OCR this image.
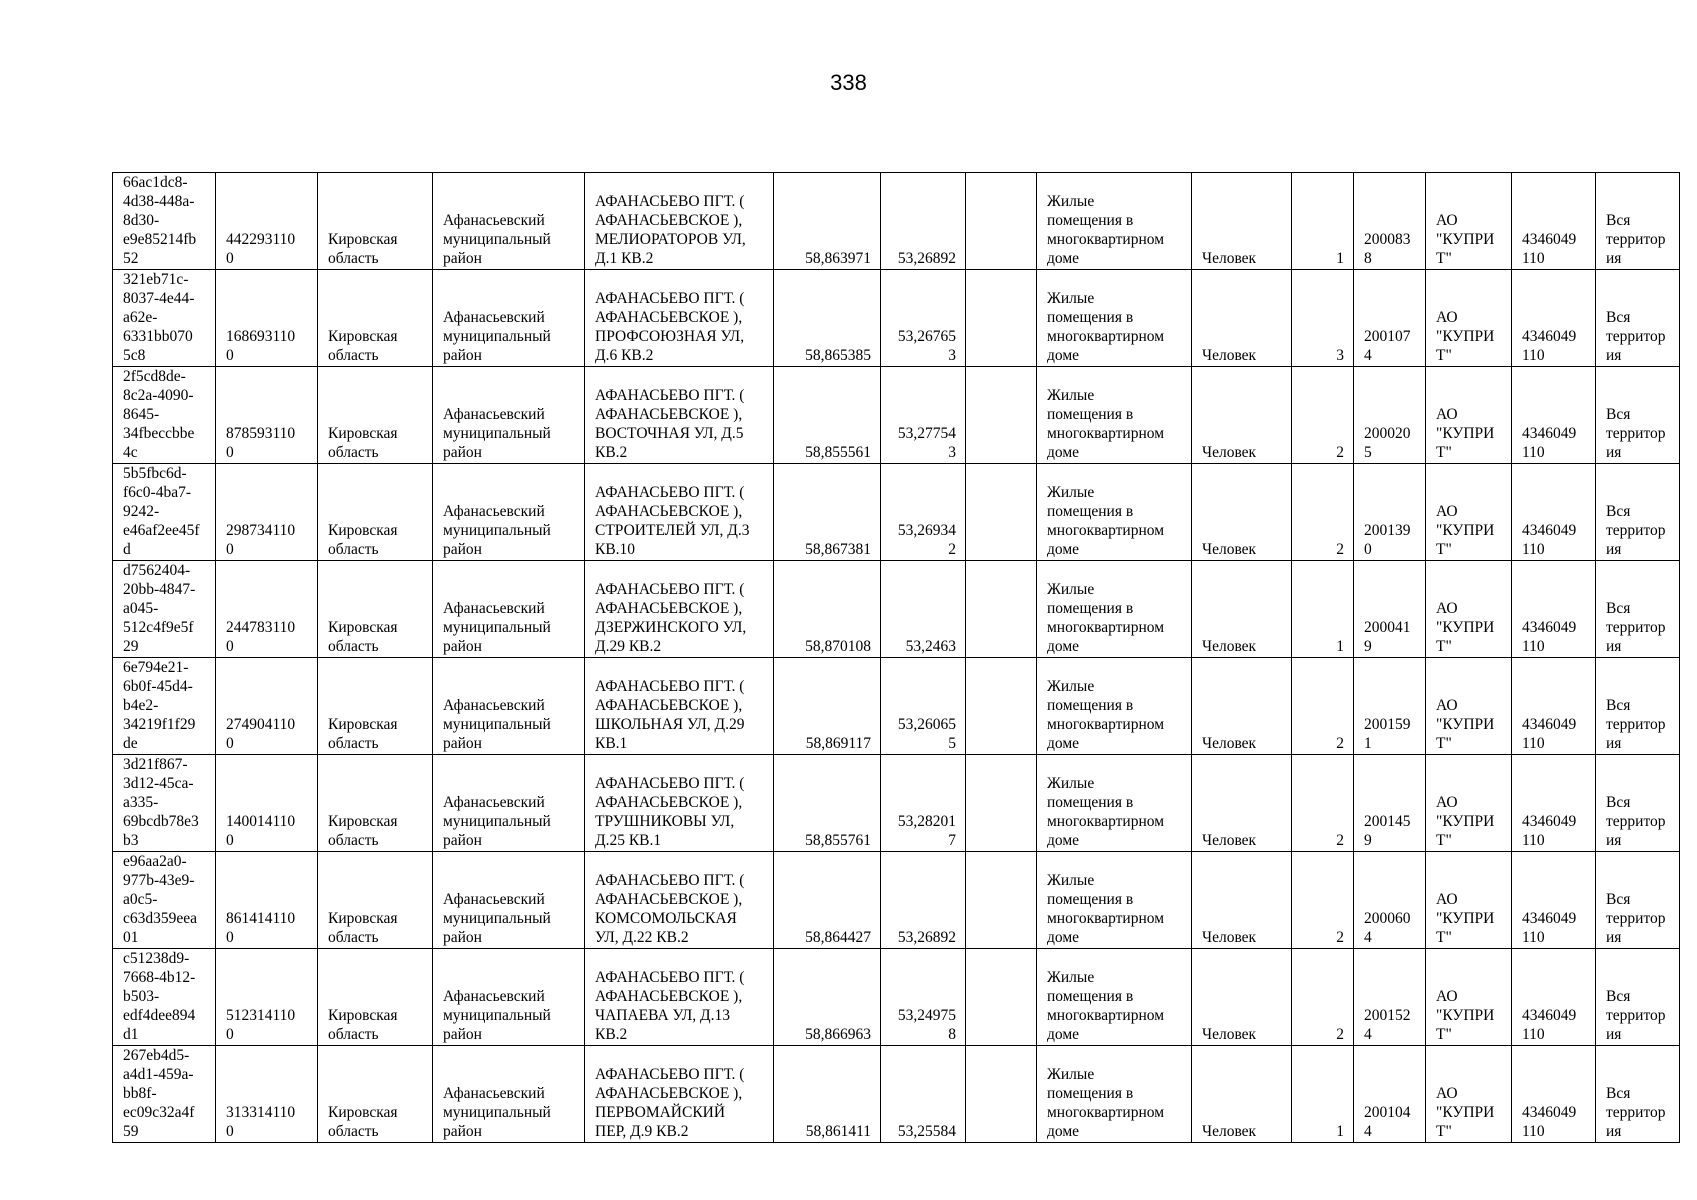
338
66ac1dc8-
4d38-448a-
8d30-
e9e85214fb
52	442293110
0	Кировская
область	Афанасьевский
муниципальный
район	АФАНАСЬЕВО ПГТ. (
АФАНАСЬЕВСКОЕ ),
МЕЛИОРАТОРОВ УЛ,
Д.1 КВ.2	58,863971	53,26892		Жилые
помещения в
многоквартирном
доме	Человек	1	200083
8	АО
"КУПРИ
Т"	4346049
110	Вся
территор
ия
321eb71c-
8037-4e44-
a62e-
6331bb070
5c8	168693110
0	Кировская
область	Афанасьевский
муниципальный
район	АФАНАСЬЕВО ПГТ. (
АФАНАСЬЕВСКОЕ ),
ПРОФСОЮЗНАЯ УЛ,
Д.6 КВ.2	58,865385	53,26765
3		Жилые
помещения в
многоквартирном
доме	Человек	3	200107
4	АО
"КУПРИ
Т"	4346049
110	Вся
территор
ия
2f5cd8de-
8c2a-4090-
8645-
34fbeccbbe
4c	878593110
0	Кировская
область	Афанасьевский
муниципальный
район	АФАНАСЬЕВО ПГТ. (
АФАНАСЬЕВСКОЕ ),
ВОСТОЧНАЯ УЛ, Д.5
КВ.2	58,855561	53,27754
3		Жилые
помещения в
многоквартирном
доме	Человек	2	200020
5	АО
"КУПРИ
Т"	4346049
110	Вся
территор
ия
5b5fbc6d-
f6c0-4ba7-
9242-
e46af2ee45f
d	298734110
0	Кировская
область	Афанасьевский
муниципальный
район	АФАНАСЬЕВО ПГТ. (
АФАНАСЬЕВСКОЕ ),
СТРОИТЕЛЕЙ УЛ, Д.3
КВ.10	58,867381	53,26934
2		Жилые
помещения в
многоквартирном
доме	Человек	2	200139
0	АО
"КУПРИ
Т"	4346049
110	Вся
территор
ия
d7562404-
20bb-4847-
a045-
512c4f9e5f
29	244783110
0	Кировская
область	Афанасьевский
муниципальный
район	АФАНАСЬЕВО ПГТ. (
АФАНАСЬЕВСКОЕ ),
ДЗЕРЖИНСКОГО УЛ,
Д.29 КВ.2	58,870108	53,2463		Жилые
помещения в
многоквартирном
доме	Человек	1	200041
9	АО
"КУПРИ
Т"	4346049
110	Вся
территор
ия
6e794e21-
6b0f-45d4-
b4e2-
34219f1f29
de	274904110
0	Кировская
область	Афанасьевский
муниципальный
район	АФАНАСЬЕВО ПГТ. (
АФАНАСЬЕВСКОЕ ),
ШКОЛЬНАЯ УЛ, Д.29
КВ.1	58,869117	53,26065
5		Жилые
помещения в
многоквартирном
доме	Человек	2	200159
1	АО
"КУПРИ
Т"	4346049
110	Вся
территор
ия
3d21f867-
3d12-45ca-
a335-
69bcdb78e3
b3	140014110
0	Кировская
область	Афанасьевский
муниципальный
район	АФАНАСЬЕВО ПГТ. (
АФАНАСЬЕВСКОЕ ),
ТРУШНИКОВЫ УЛ,
Д.25 КВ.1	58,855761	53,28201
7		Жилые
помещения в
многоквартирном
доме	Человек	2	200145
9	АО
"КУПРИ
Т"	4346049
110	Вся
территор
ия
e96aa2a0-
977b-43e9-
a0c5-
c63d359eea
01	861414110
0	Кировская
область	Афанасьевский
муниципальный
район	АФАНАСЬЕВО ПГТ. (
АФАНАСЬЕВСКОЕ ),
КОМСОМОЛЬСКАЯ
УЛ, Д.22 КВ.2	58,864427	53,26892		Жилые
помещения в
многоквартирном
доме	Человек	2	200060
4	АО
"КУПРИ
Т"	4346049
110	Вся
территор
ия
c51238d9-
7668-4b12-
b503-
edf4dee894
d1	512314110
0	Кировская
область	Афанасьевский
муниципальный
район	АФАНАСЬЕВО ПГТ. (
АФАНАСЬЕВСКОЕ ),
ЧАПАЕВА УЛ, Д.13
КВ.2	58,866963	53,24975
8		Жилые
помещения в
многоквартирном
доме	Человек	2	200152
4	АО
"КУПРИ
Т"	4346049
110	Вся
территор
ия
267eb4d5-
a4d1-459a-
bb8f-
ec09c32a4f
59	313314110
0	Кировская
область	Афанасьевский
муниципальный
район	АФАНАСЬЕВО ПГТ. (
АФАНАСЬЕВСКОЕ ),
ПЕРВОМАЙСКИЙ
ПЕР, Д.9 КВ.2	58,861411	53,25584		Жилые
помещения в
многоквартирном
доме	Человек	1	200104
4	АО
"КУПРИ
Т"	4346049
110	Вся
территор
ия
